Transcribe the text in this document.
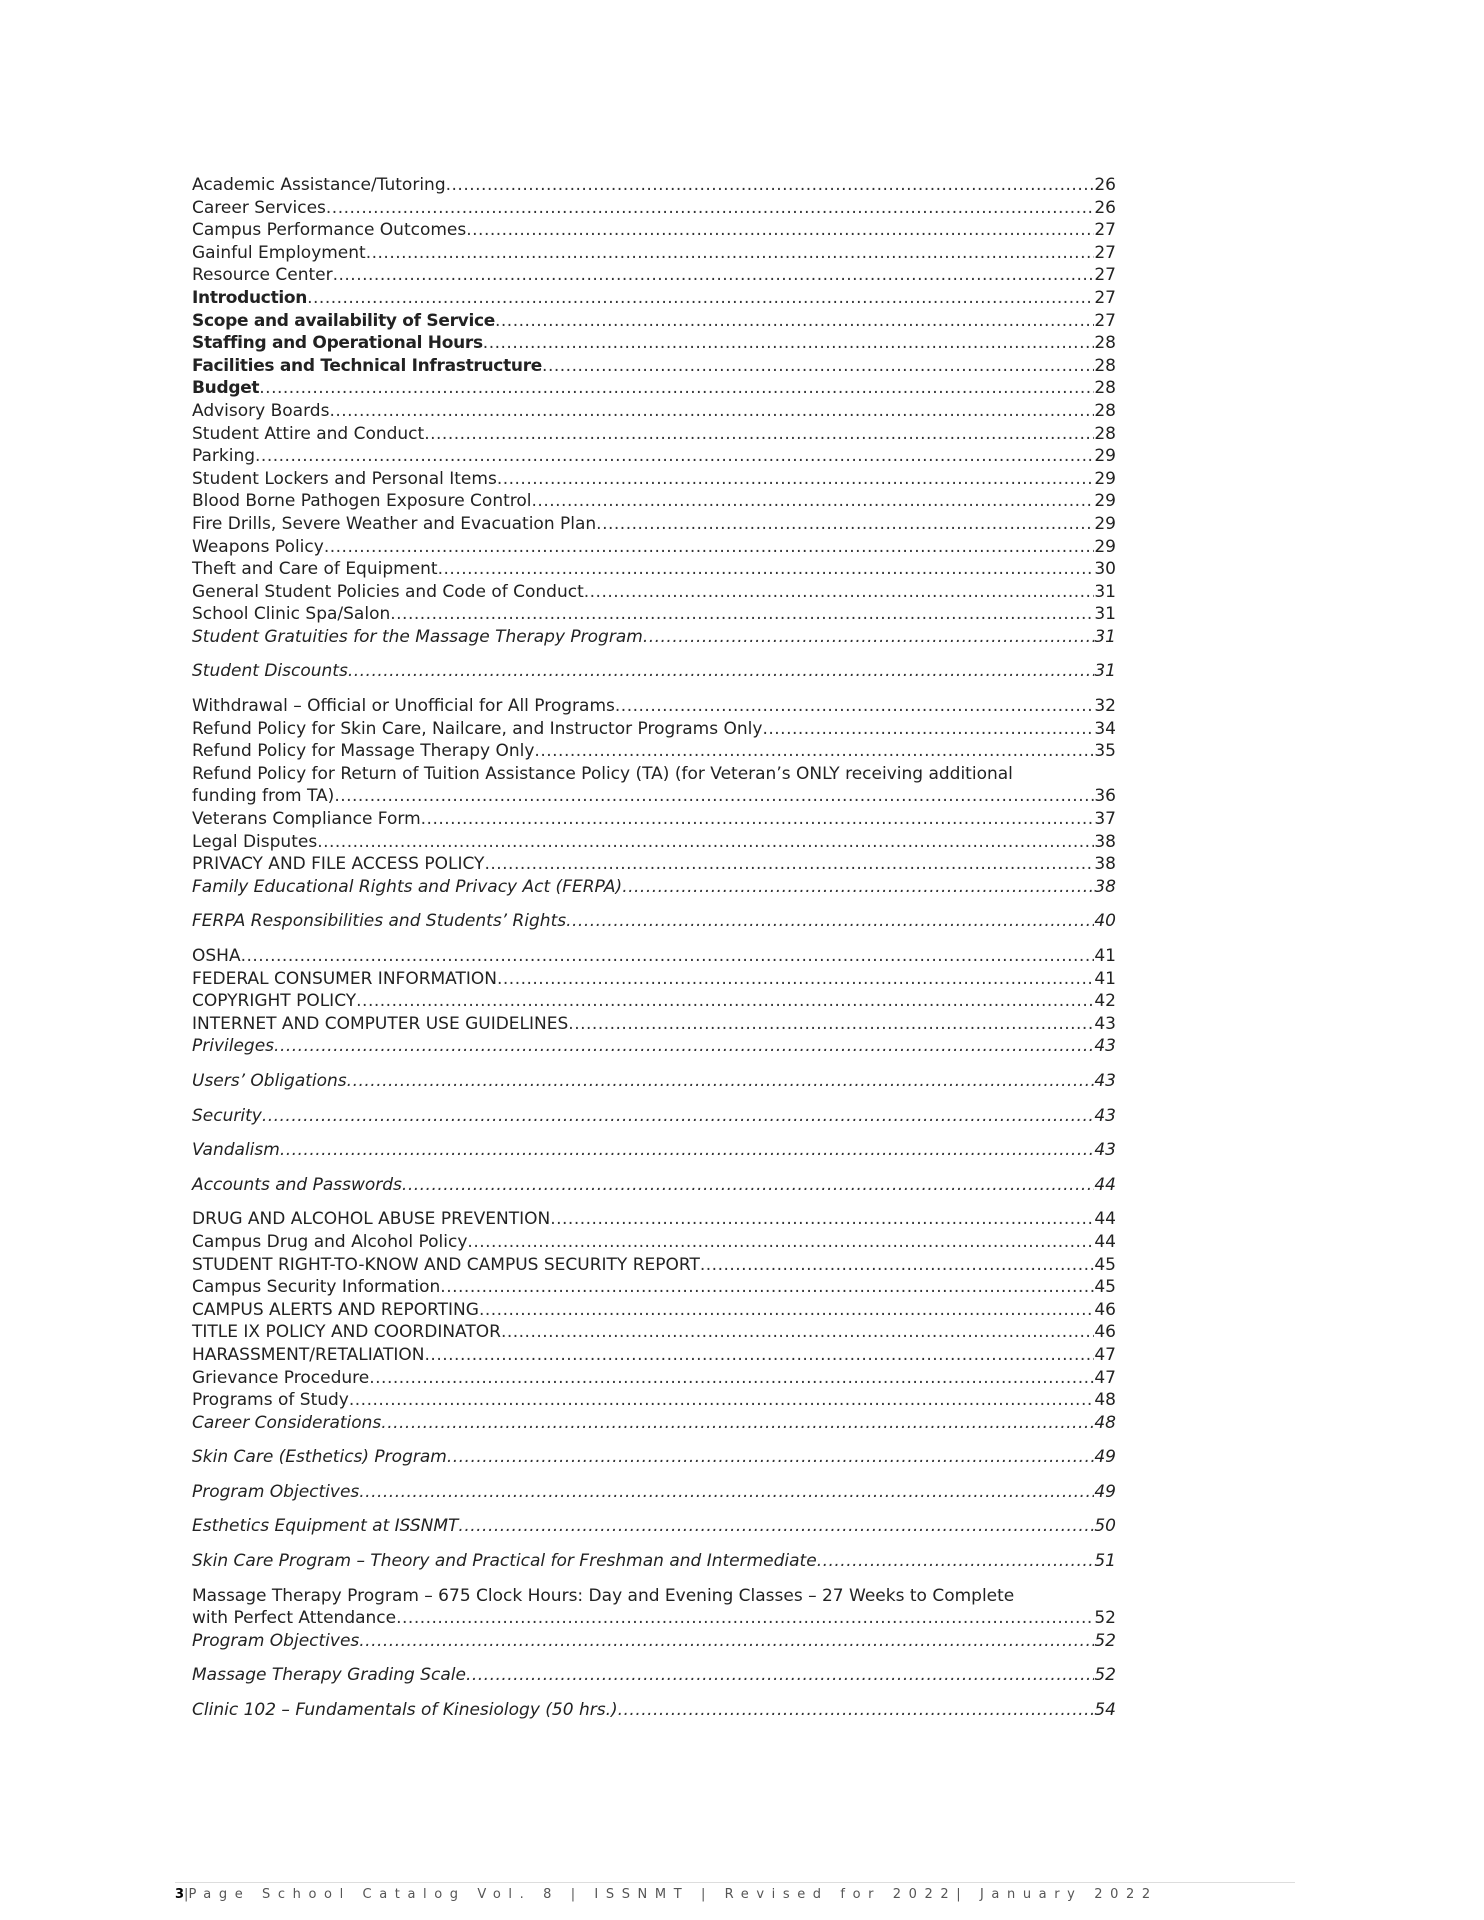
Academic Assistance/Tutoring .....	26
Career Services .....	26
Campus Performance Outcomes .....	27
Gainful Employment .....	27
Resource Center .....	27
Introduction .....	27
Scope and availability of Service .....	27
Staffing and Operational Hours .....	28
Facilities and Technical Infrastructure .....	28
Budget .....	28
Advisory Boards .....	28
Student Attire and Conduct .....	28
Parking .....	29
Student Lockers and Personal Items .....	29
Blood Borne Pathogen Exposure Control .....	29
Fire Drills, Severe Weather and Evacuation Plan .....	29
Weapons Policy .....	29
Theft and Care of Equipment .....	30
General Student Policies and Code of Conduct .....	31
School Clinic Spa/Salon .....	31
Student Gratuities for the Massage Therapy Program .....	31
Student Discounts .....	31
Withdrawal – Official or Unofficial for All Programs .....	32
Refund Policy for Skin Care, Nailcare, and Instructor Programs Only .....	34
Refund Policy for Massage Therapy Only .....	35
Refund Policy for Return of Tuition Assistance Policy (TA) (for Veteran’s ONLY receiving additional
funding from TA) .....	36
Veterans Compliance Form .....	37
Legal Disputes .....	38
PRIVACY AND FILE ACCESS POLICY .....	38
Family Educational Rights and Privacy Act (FERPA) .....	38
FERPA Responsibilities and Students’ Rights .....	40
OSHA .....	41
FEDERAL CONSUMER INFORMATION .....	41
COPYRIGHT POLICY .....	42
INTERNET AND COMPUTER USE GUIDELINES .....	43
Privileges .....	43
Users’ Obligations .....	43
Security .....	43
Vandalism .....	43
Accounts and Passwords .....	44
DRUG AND ALCOHOL ABUSE PREVENTION .....	44
Campus Drug and Alcohol Policy .....	44
STUDENT RIGHT-TO-KNOW AND CAMPUS SECURITY REPORT .....	45
Campus Security Information .....	45
CAMPUS ALERTS AND REPORTING .....	46
TITLE IX POLICY AND COORDINATOR .....	46
HARASSMENT/RETALIATION .....	47
Grievance Procedure .....	47
Programs of Study .....	48
Career Considerations .....	48
Skin Care (Esthetics) Program .....	49
Program Objectives .....	49
Esthetics Equipment at ISSNMT .....	50
Skin Care Program – Theory and Practical for Freshman and Intermediate .....	51
Massage Therapy Program – 675 Clock Hours: Day and Evening Classes – 27 Weeks to Complete
with Perfect Attendance .....	52
Program Objectives .....	52
Massage Therapy Grading Scale .....	52
Clinic 102 – Fundamentals of Kinesiology (50 hrs.) .....	54
3|Page School Catalog Vol. 8 | ISSNMT | Revised for 2022| January 2022
